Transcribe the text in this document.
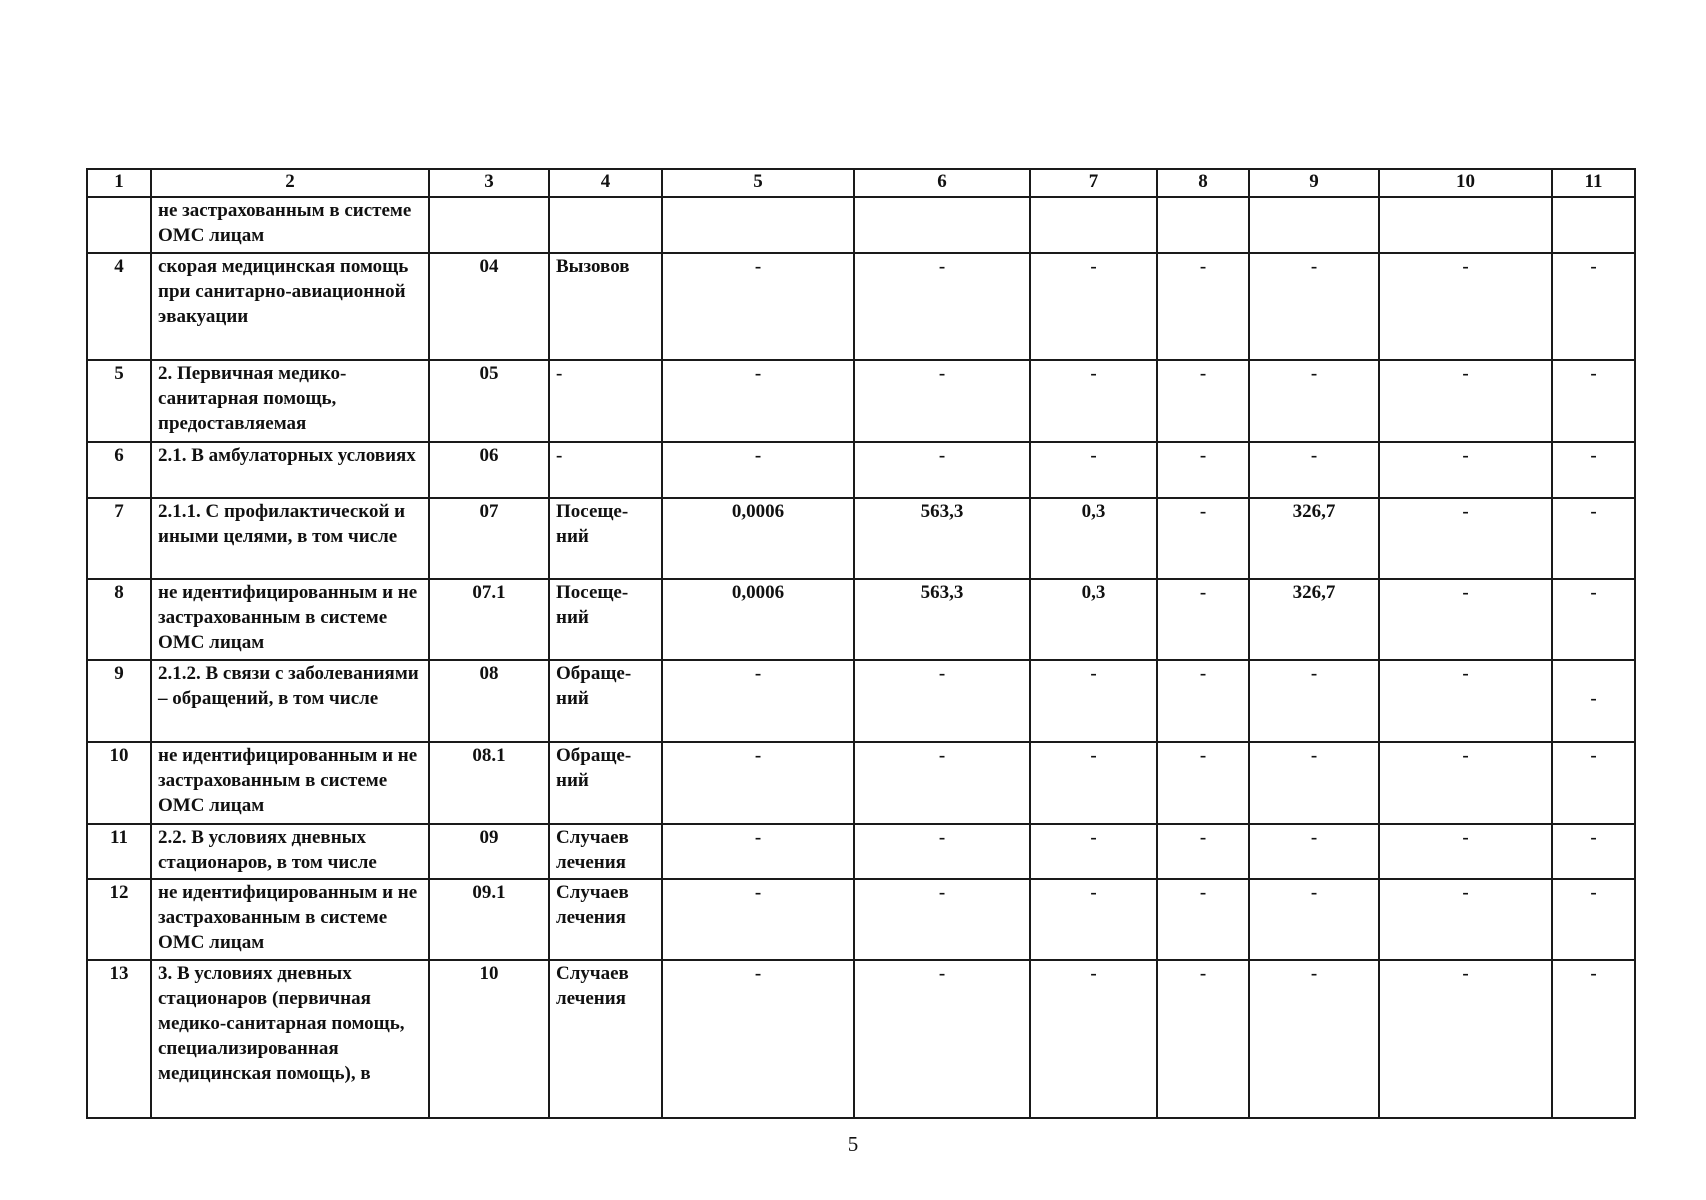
1	2	3	4	5	6	7	8	9	10	11
	не застрахованным в системе ОМС лицам									
4	скорая медицинская помощь при санитарно-авиационной эвакуации	04	Вызовов	-	-	-	-	-	-	-
5	2. Первичная медико-санитарная помощь, предоставляемая	05	-	-	-	-	-	-	-	-
6	2.1. В амбулаторных условиях	06	-	-	-	-	-	-	-	-
7	2.1.1. С профилактической и иными целями, в том числе	07	Посеще-ний	0,0006	563,3	0,3	-	326,7	-	-
8	не идентифицированным и не застрахованным в системе ОМС лицам	07.1	Посеще-ний	0,0006	563,3	0,3	-	326,7	-	-
9	2.1.2. В связи с заболеваниями – обращений, в том числе	08	Обраще-ний	-	-	-	-	-	-	-
10	не идентифицированным и не застрахованным в системе ОМС лицам	08.1	Обраще-ний	-	-	-	-	-	-	-
11	2.2. В условиях дневных стационаров, в том числе	09	Случаев лечения	-	-	-	-	-	-	-
12	не идентифицированным и не застрахованным в системе ОМС лицам	09.1	Случаев лечения	-	-	-	-	-	-	-
13	3. В условиях дневных стационаров (первичная медико-санитарная помощь, специализированная медицинская помощь), в	10	Случаев лечения	-	-	-	-	-	-	-
5
